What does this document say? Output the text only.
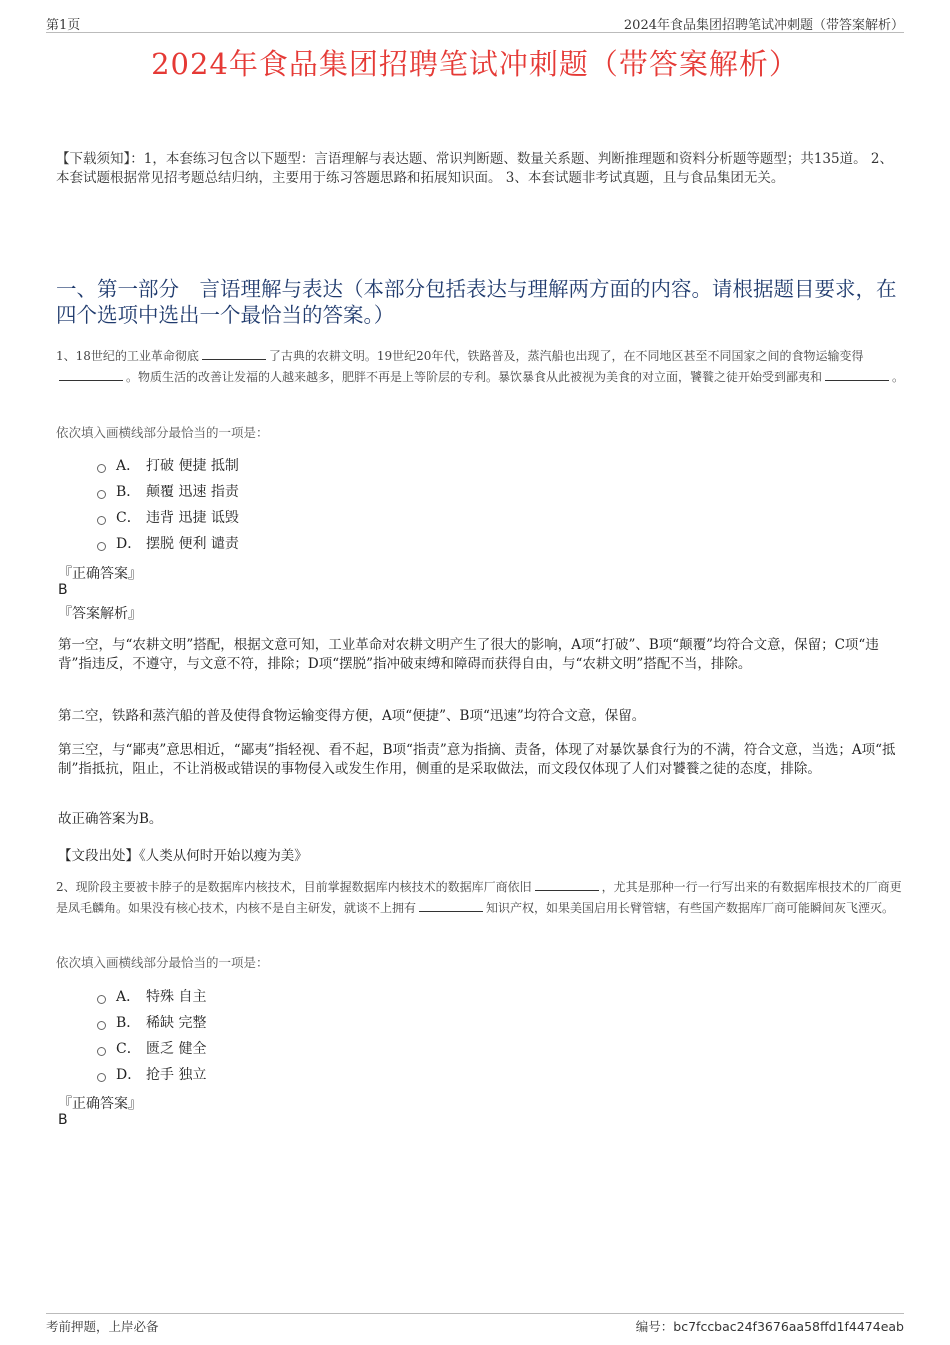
第1页	2024年食品集团招聘笔试冲刺题（带答案解析）
2024年食品集团招聘笔试冲刺题（带答案解析）
【下载须知】：1，本套练习包含以下题型：言语理解与表达题、常识判断题、数量关系题、判断推理题和资料分析题等题型；共135道。 2、本套试题根据常见招考题总结归纳，主要用于练习答题思路和拓展知识面。 3、本套试题非考试真题，且与食品集团无关。
一、第一部分　言语理解与表达（本部分包括表达与理解两方面的内容。请根据题目要求，在四个选项中选出一个最恰当的答案。）
1、18世纪的工业革命彻底	了古典的农耕文明。19世纪20年代，铁路普及，蒸汽船也出现了，在不同地区甚至不同国家之间的食物运输变得。物质生活的改善让发福的人越来越多，肥胖不再是上等阶层的专利。暴饮暴食从此被视为美食的对立面，饕餮之徒开始受到鄙夷和	。
依次填入画横线部分最恰当的一项是：
A． 打破 便捷 抵制
B． 颠覆 迅速 指责
C． 违背 迅捷 诋毁
D． 摆脱 便利 谴责
『正确答案』
B
『答案解析』
第一空，与“农耕文明”搭配，根据文意可知，工业革命对农耕文明产生了很大的影响，A项“打破”、B项“颠覆”均符合文意，保留；C项“违背”指违反，不遵守，与文意不符，排除；D项“摆脱”指冲破束缚和障碍而获得自由，与“农耕文明”搭配不当，排除。
第二空，铁路和蒸汽船的普及使得食物运输变得方便，A项“便捷”、B项“迅速”均符合文意，保留。
第三空，与“鄙夷”意思相近，“鄙夷”指轻视、看不起，B项“指责”意为指摘、责备，体现了对暴饮暴食行为的不满，符合文意，当选；A项“抵制”指抵抗，阻止，不让消极或错误的事物侵入或发生作用，侧重的是采取做法，而文段仅体现了人们对饕餮之徒的态度，排除。
故正确答案为B。
【文段出处】《人类从何时开始以瘦为美》
2、现阶段主要被卡脖子的是数据库内核技术，目前掌握数据库内核技术的数据库厂商依旧	，尤其是那种一行一行写出来的有数据库根技术的厂商更是凤毛麟角。如果没有核心技术，内核不是自主研发，就谈不上拥有	知识产权，如果美国启用长臂管辖，有些国产数据库厂商可能瞬间灰飞湮灭。
依次填入画横线部分最恰当的一项是：
A． 特殊 自主
B． 稀缺 完整
C． 匮乏 健全
D． 抢手 独立
『正确答案』
B
考前押题，上岸必备	编号：bc7fccbac24f3676aa58ffd1f4474eab
